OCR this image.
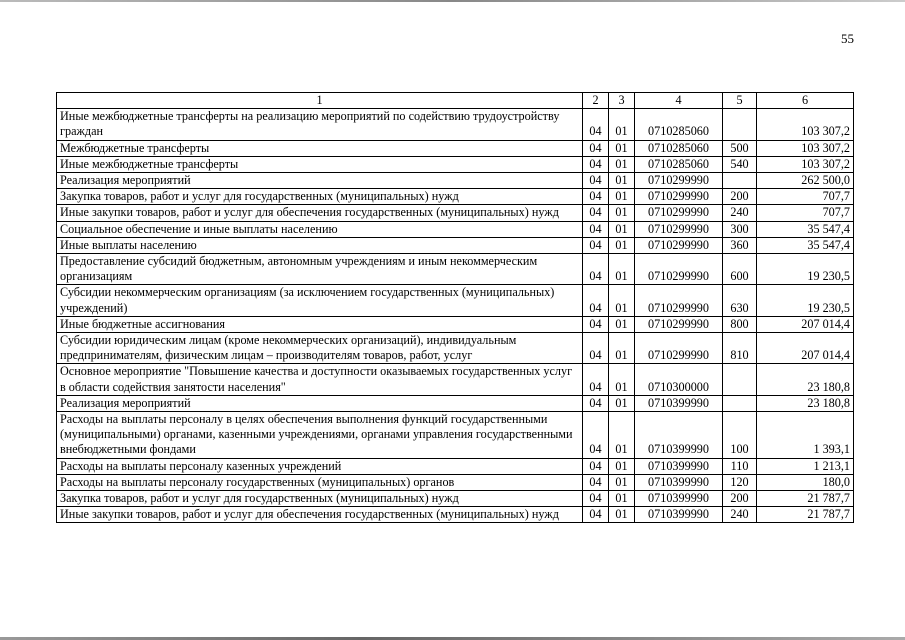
55
1	2	3	4	5	6
Иные межбюджетные трансферты на реализацию мероприятий по содействию трудоустройству граждан	04	01	0710285060		103 307,2
Межбюджетные трансферты	04	01	0710285060	500	103 307,2
Иные межбюджетные трансферты	04	01	0710285060	540	103 307,2
Реализация мероприятий	04	01	0710299990		262 500,0
Закупка товаров, работ и услуг для государственных (муниципальных) нужд	04	01	0710299990	200	707,7
Иные закупки товаров, работ и услуг для обеспечения государственных (муниципальных) нужд	04	01	0710299990	240	707,7
Социальное обеспечение и иные выплаты населению	04	01	0710299990	300	35 547,4
Иные выплаты населению	04	01	0710299990	360	35 547,4
Предоставление субсидий бюджетным, автономным учреждениям и иным некоммерческим организациям	04	01	0710299990	600	19 230,5
Субсидии некоммерческим организациям (за исключением государственных (муниципальных) учреждений)	04	01	0710299990	630	19 230,5
Иные бюджетные ассигнования	04	01	0710299990	800	207 014,4
Субсидии юридическим лицам (кроме некоммерческих организаций), индивидуальным предпринимателям, физическим лицам – производителям товаров, работ, услуг	04	01	0710299990	810	207 014,4
Основное мероприятие "Повышение качества и доступности оказываемых государственных услуг в области содействия занятости населения"	04	01	0710300000		23 180,8
Реализация мероприятий	04	01	0710399990		23 180,8
Расходы на выплаты персоналу в целях обеспечения выполнения функций государственными (муниципальными) органами, казенными учреждениями, органами управления государственными внебюджетными фондами	04	01	0710399990	100	1 393,1
Расходы на выплаты персоналу казенных учреждений	04	01	0710399990	110	1 213,1
Расходы на выплаты персоналу государственных (муниципальных) органов	04	01	0710399990	120	180,0
Закупка товаров, работ и услуг для государственных (муниципальных) нужд	04	01	0710399990	200	21 787,7
Иные закупки товаров, работ и услуг для обеспечения государственных (муниципальных) нужд	04	01	0710399990	240	21 787,7
